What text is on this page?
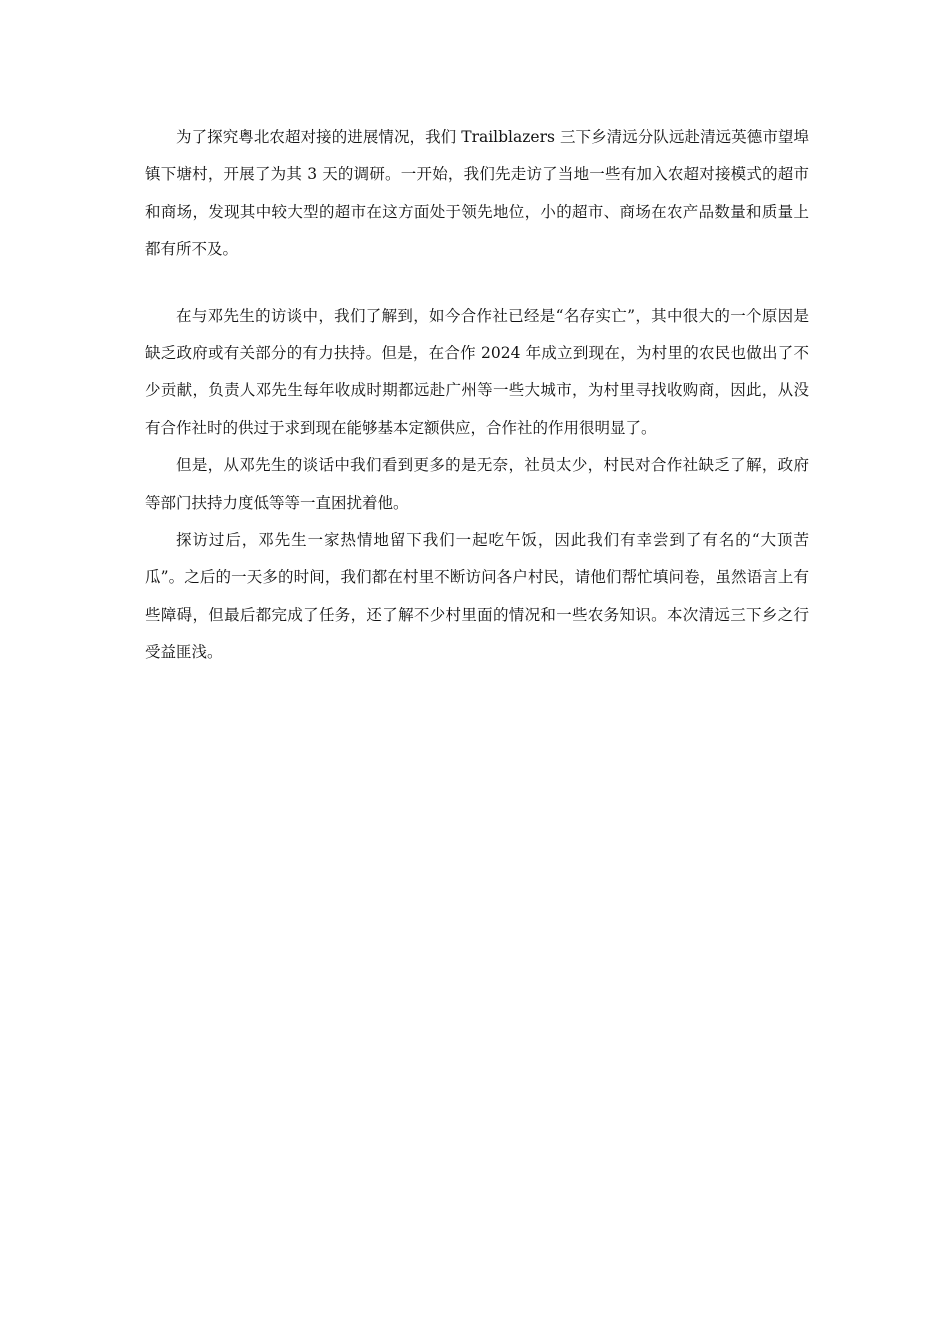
为了探究粤北农超对接的进展情况，我们 Trailblazers 三下乡清远分队远赴清远英德市望埠镇下塘村，开展了为其 3 天的调研。一开始，我们先走访了当地一些有加入农超对接模式的超市和商场，发现其中较大型的超市在这方面处于领先地位，小的超市、商场在农产品数量和质量上都有所不及。

在与邓先生的访谈中，我们了解到，如今合作社已经是“名存实亡”，其中很大的一个原因是缺乏政府或有关部分的有力扶持。但是，在合作 2024 年成立到现在，为村里的农民也做出了不少贡献，负责人邓先生每年收成时期都远赴广州等一些大城市，为村里寻找收购商，因此，从没有合作社时的供过于求到现在能够基本定额供应，合作社的作用很明显了。

但是，从邓先生的谈话中我们看到更多的是无奈，社员太少，村民对合作社缺乏了解，政府等部门扶持力度低等等一直困扰着他。

探访过后，邓先生一家热情地留下我们一起吃午饭，因此我们有幸尝到了有名的“大顶苦瓜”。之后的一天多的时间，我们都在村里不断访问各户村民，请他们帮忙填问卷，虽然语言上有些障碍，但最后都完成了任务，还了解不少村里面的情况和一些农务知识。本次清远三下乡之行受益匪浅。
